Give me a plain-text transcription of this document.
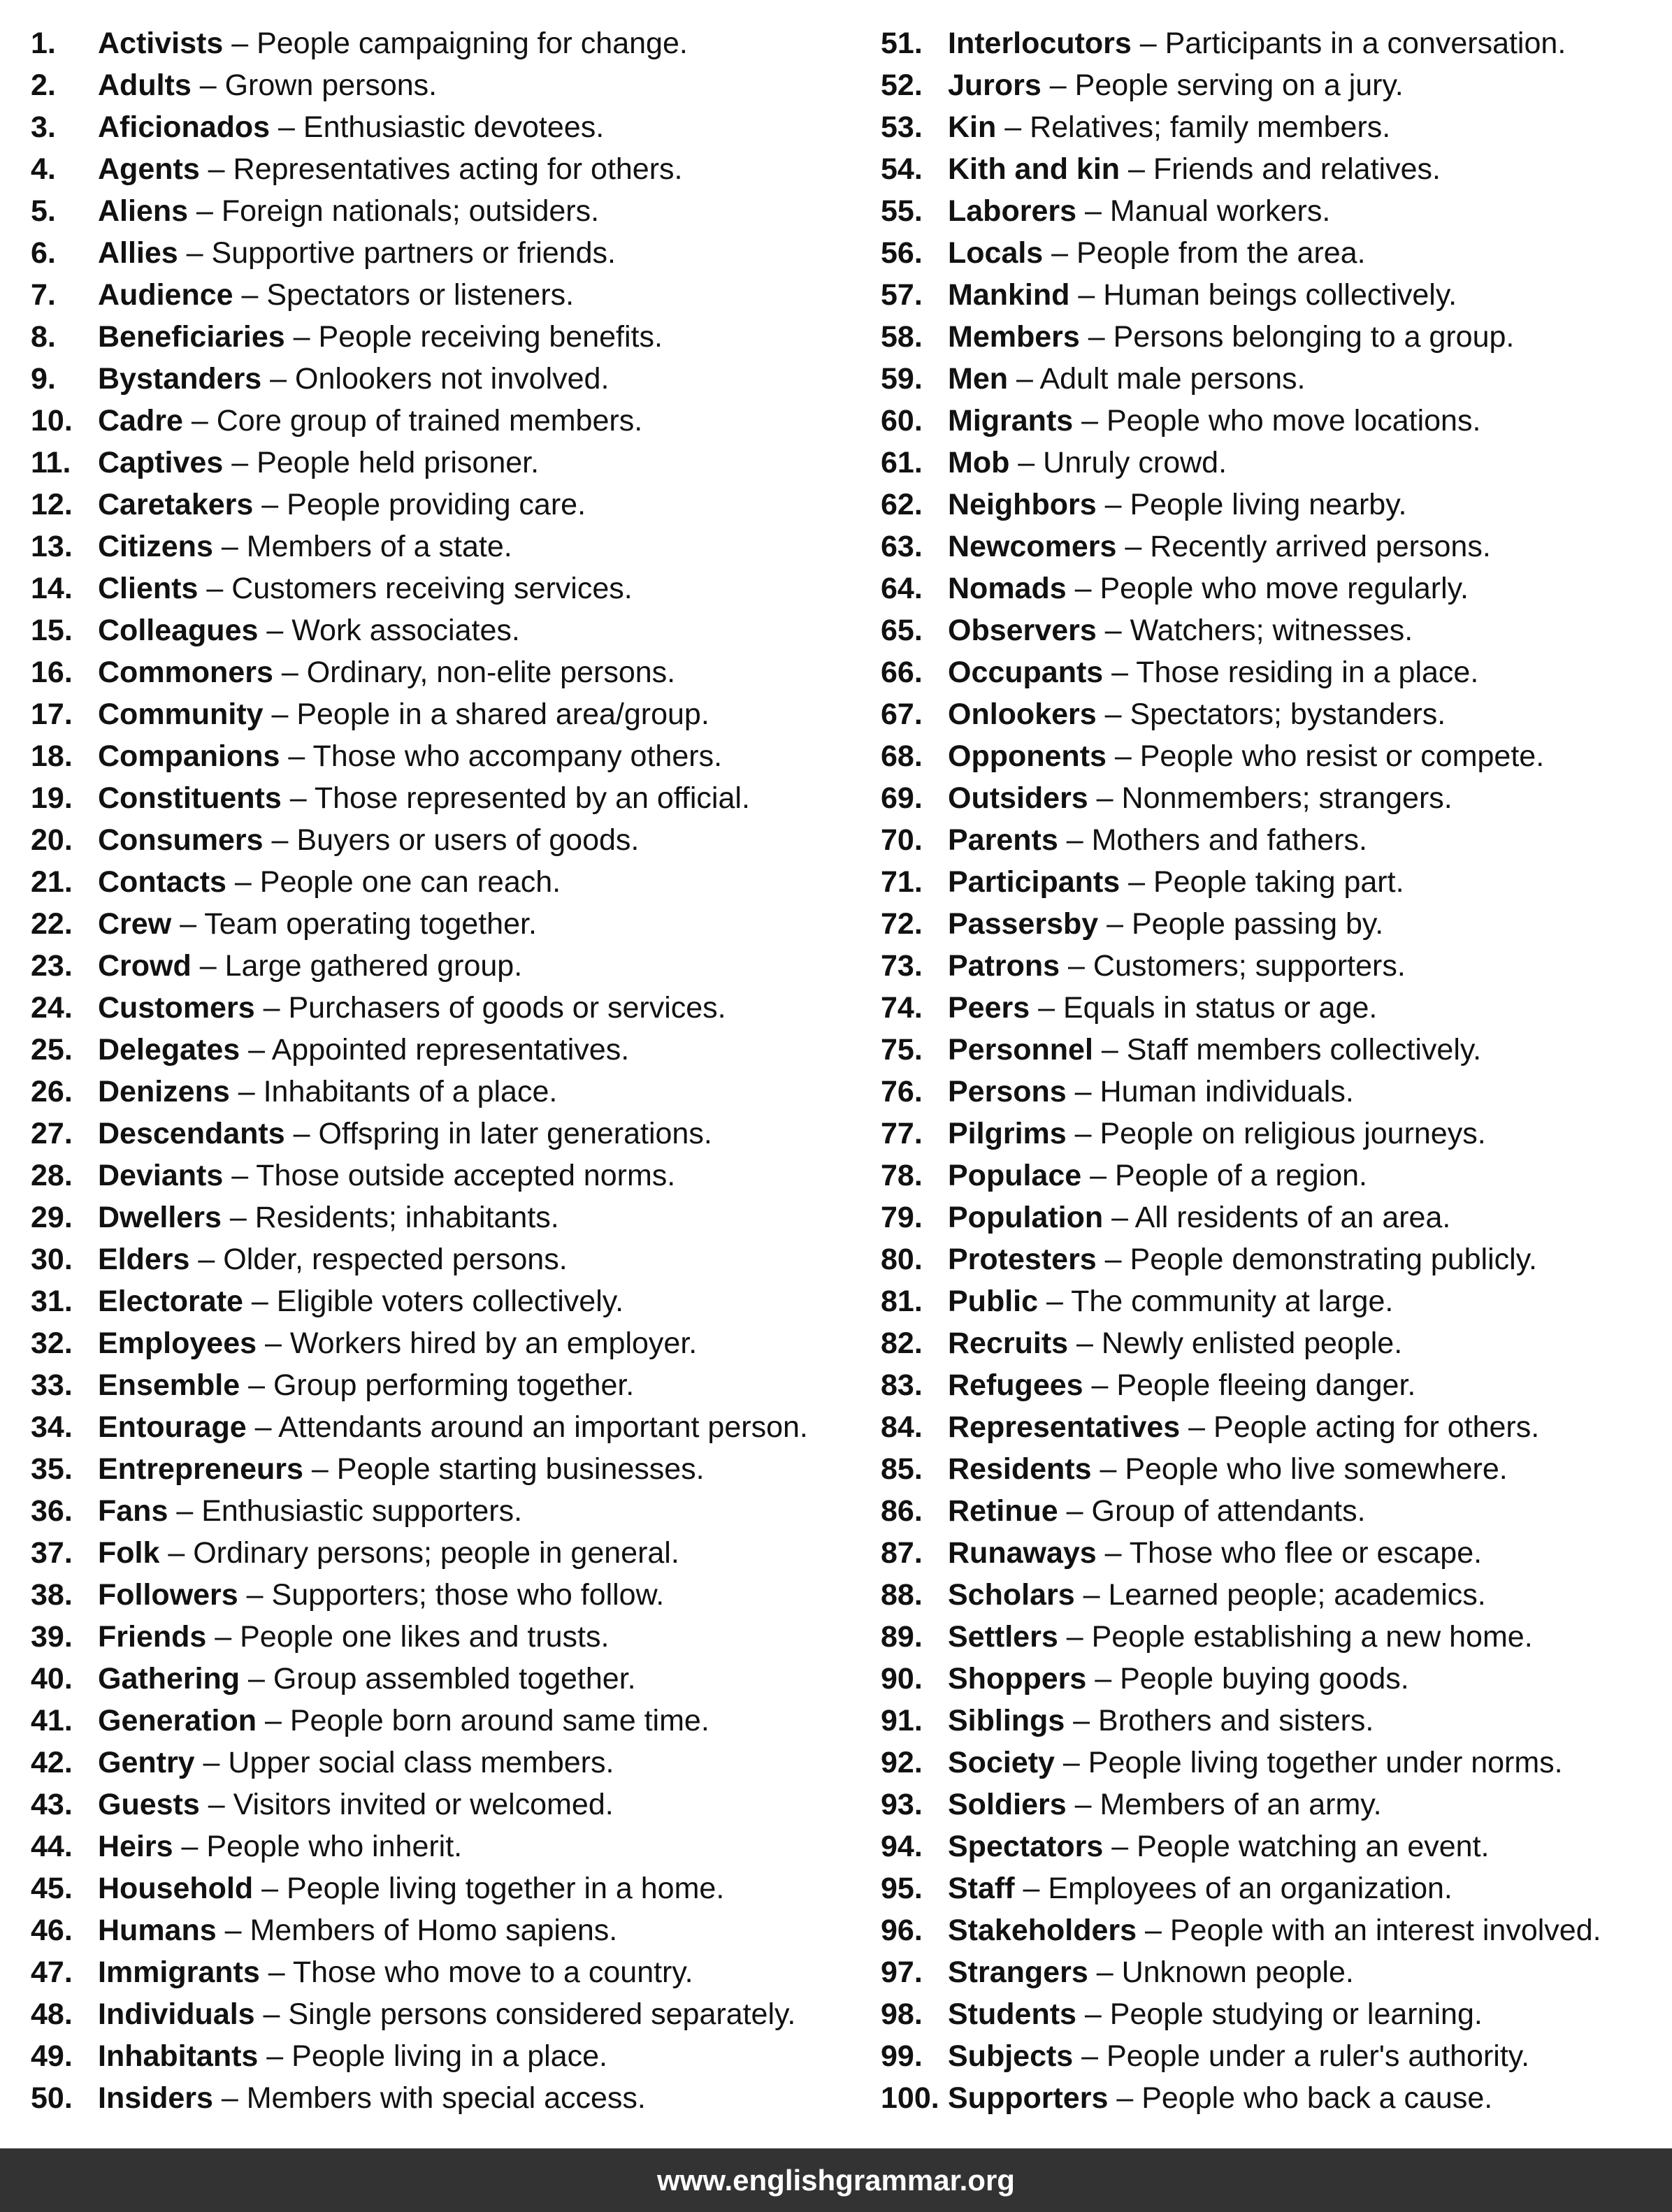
1. Activists – People campaigning for change.
2. Adults – Grown persons.
3. Aficionados – Enthusiastic devotees.
4. Agents – Representatives acting for others.
5. Aliens – Foreign nationals; outsiders.
6. Allies – Supportive partners or friends.
7. Audience – Spectators or listeners.
8. Beneficiaries – People receiving benefits.
9. Bystanders – Onlookers not involved.
10. Cadre – Core group of trained members.
11. Captives – People held prisoner.
12. Caretakers – People providing care.
13. Citizens – Members of a state.
14. Clients – Customers receiving services.
15. Colleagues – Work associates.
16. Commoners – Ordinary, non-elite persons.
17. Community – People in a shared area/group.
18. Companions – Those who accompany others.
19. Constituents – Those represented by an official.
20. Consumers – Buyers or users of goods.
21. Contacts – People one can reach.
22. Crew – Team operating together.
23. Crowd – Large gathered group.
24. Customers – Purchasers of goods or services.
25. Delegates – Appointed representatives.
26. Denizens – Inhabitants of a place.
27. Descendants – Offspring in later generations.
28. Deviants – Those outside accepted norms.
29. Dwellers – Residents; inhabitants.
30. Elders – Older, respected persons.
31. Electorate – Eligible voters collectively.
32. Employees – Workers hired by an employer.
33. Ensemble – Group performing together.
34. Entourage – Attendants around an important person.
35. Entrepreneurs – People starting businesses.
36. Fans – Enthusiastic supporters.
37. Folk – Ordinary persons; people in general.
38. Followers – Supporters; those who follow.
39. Friends – People one likes and trusts.
40. Gathering – Group assembled together.
41. Generation – People born around same time.
42. Gentry – Upper social class members.
43. Guests – Visitors invited or welcomed.
44. Heirs – People who inherit.
45. Household – People living together in a home.
46. Humans – Members of Homo sapiens.
47. Immigrants – Those who move to a country.
48. Individuals – Single persons considered separately.
49. Inhabitants – People living in a place.
50. Insiders – Members with special access.
51. Interlocutors – Participants in a conversation.
52. Jurors – People serving on a jury.
53. Kin – Relatives; family members.
54. Kith and kin – Friends and relatives.
55. Laborers – Manual workers.
56. Locals – People from the area.
57. Mankind – Human beings collectively.
58. Members – Persons belonging to a group.
59. Men – Adult male persons.
60. Migrants – People who move locations.
61. Mob – Unruly crowd.
62. Neighbors – People living nearby.
63. Newcomers – Recently arrived persons.
64. Nomads – People who move regularly.
65. Observers – Watchers; witnesses.
66. Occupants – Those residing in a place.
67. Onlookers – Spectators; bystanders.
68. Opponents – People who resist or compete.
69. Outsiders – Nonmembers; strangers.
70. Parents – Mothers and fathers.
71. Participants – People taking part.
72. Passersby – People passing by.
73. Patrons – Customers; supporters.
74. Peers – Equals in status or age.
75. Personnel – Staff members collectively.
76. Persons – Human individuals.
77. Pilgrims – People on religious journeys.
78. Populace – People of a region.
79. Population – All residents of an area.
80. Protesters – People demonstrating publicly.
81. Public – The community at large.
82. Recruits – Newly enlisted people.
83. Refugees – People fleeing danger.
84. Representatives – People acting for others.
85. Residents – People who live somewhere.
86. Retinue – Group of attendants.
87. Runaways – Those who flee or escape.
88. Scholars – Learned people; academics.
89. Settlers – People establishing a new home.
90. Shoppers – People buying goods.
91. Siblings – Brothers and sisters.
92. Society – People living together under norms.
93. Soldiers – Members of an army.
94. Spectators – People watching an event.
95. Staff – Employees of an organization.
96. Stakeholders – People with an interest involved.
97. Strangers – Unknown people.
98. Students – People studying or learning.
99. Subjects – People under a ruler's authority.
100. Supporters – People who back a cause.
www.englishgrammar.org
